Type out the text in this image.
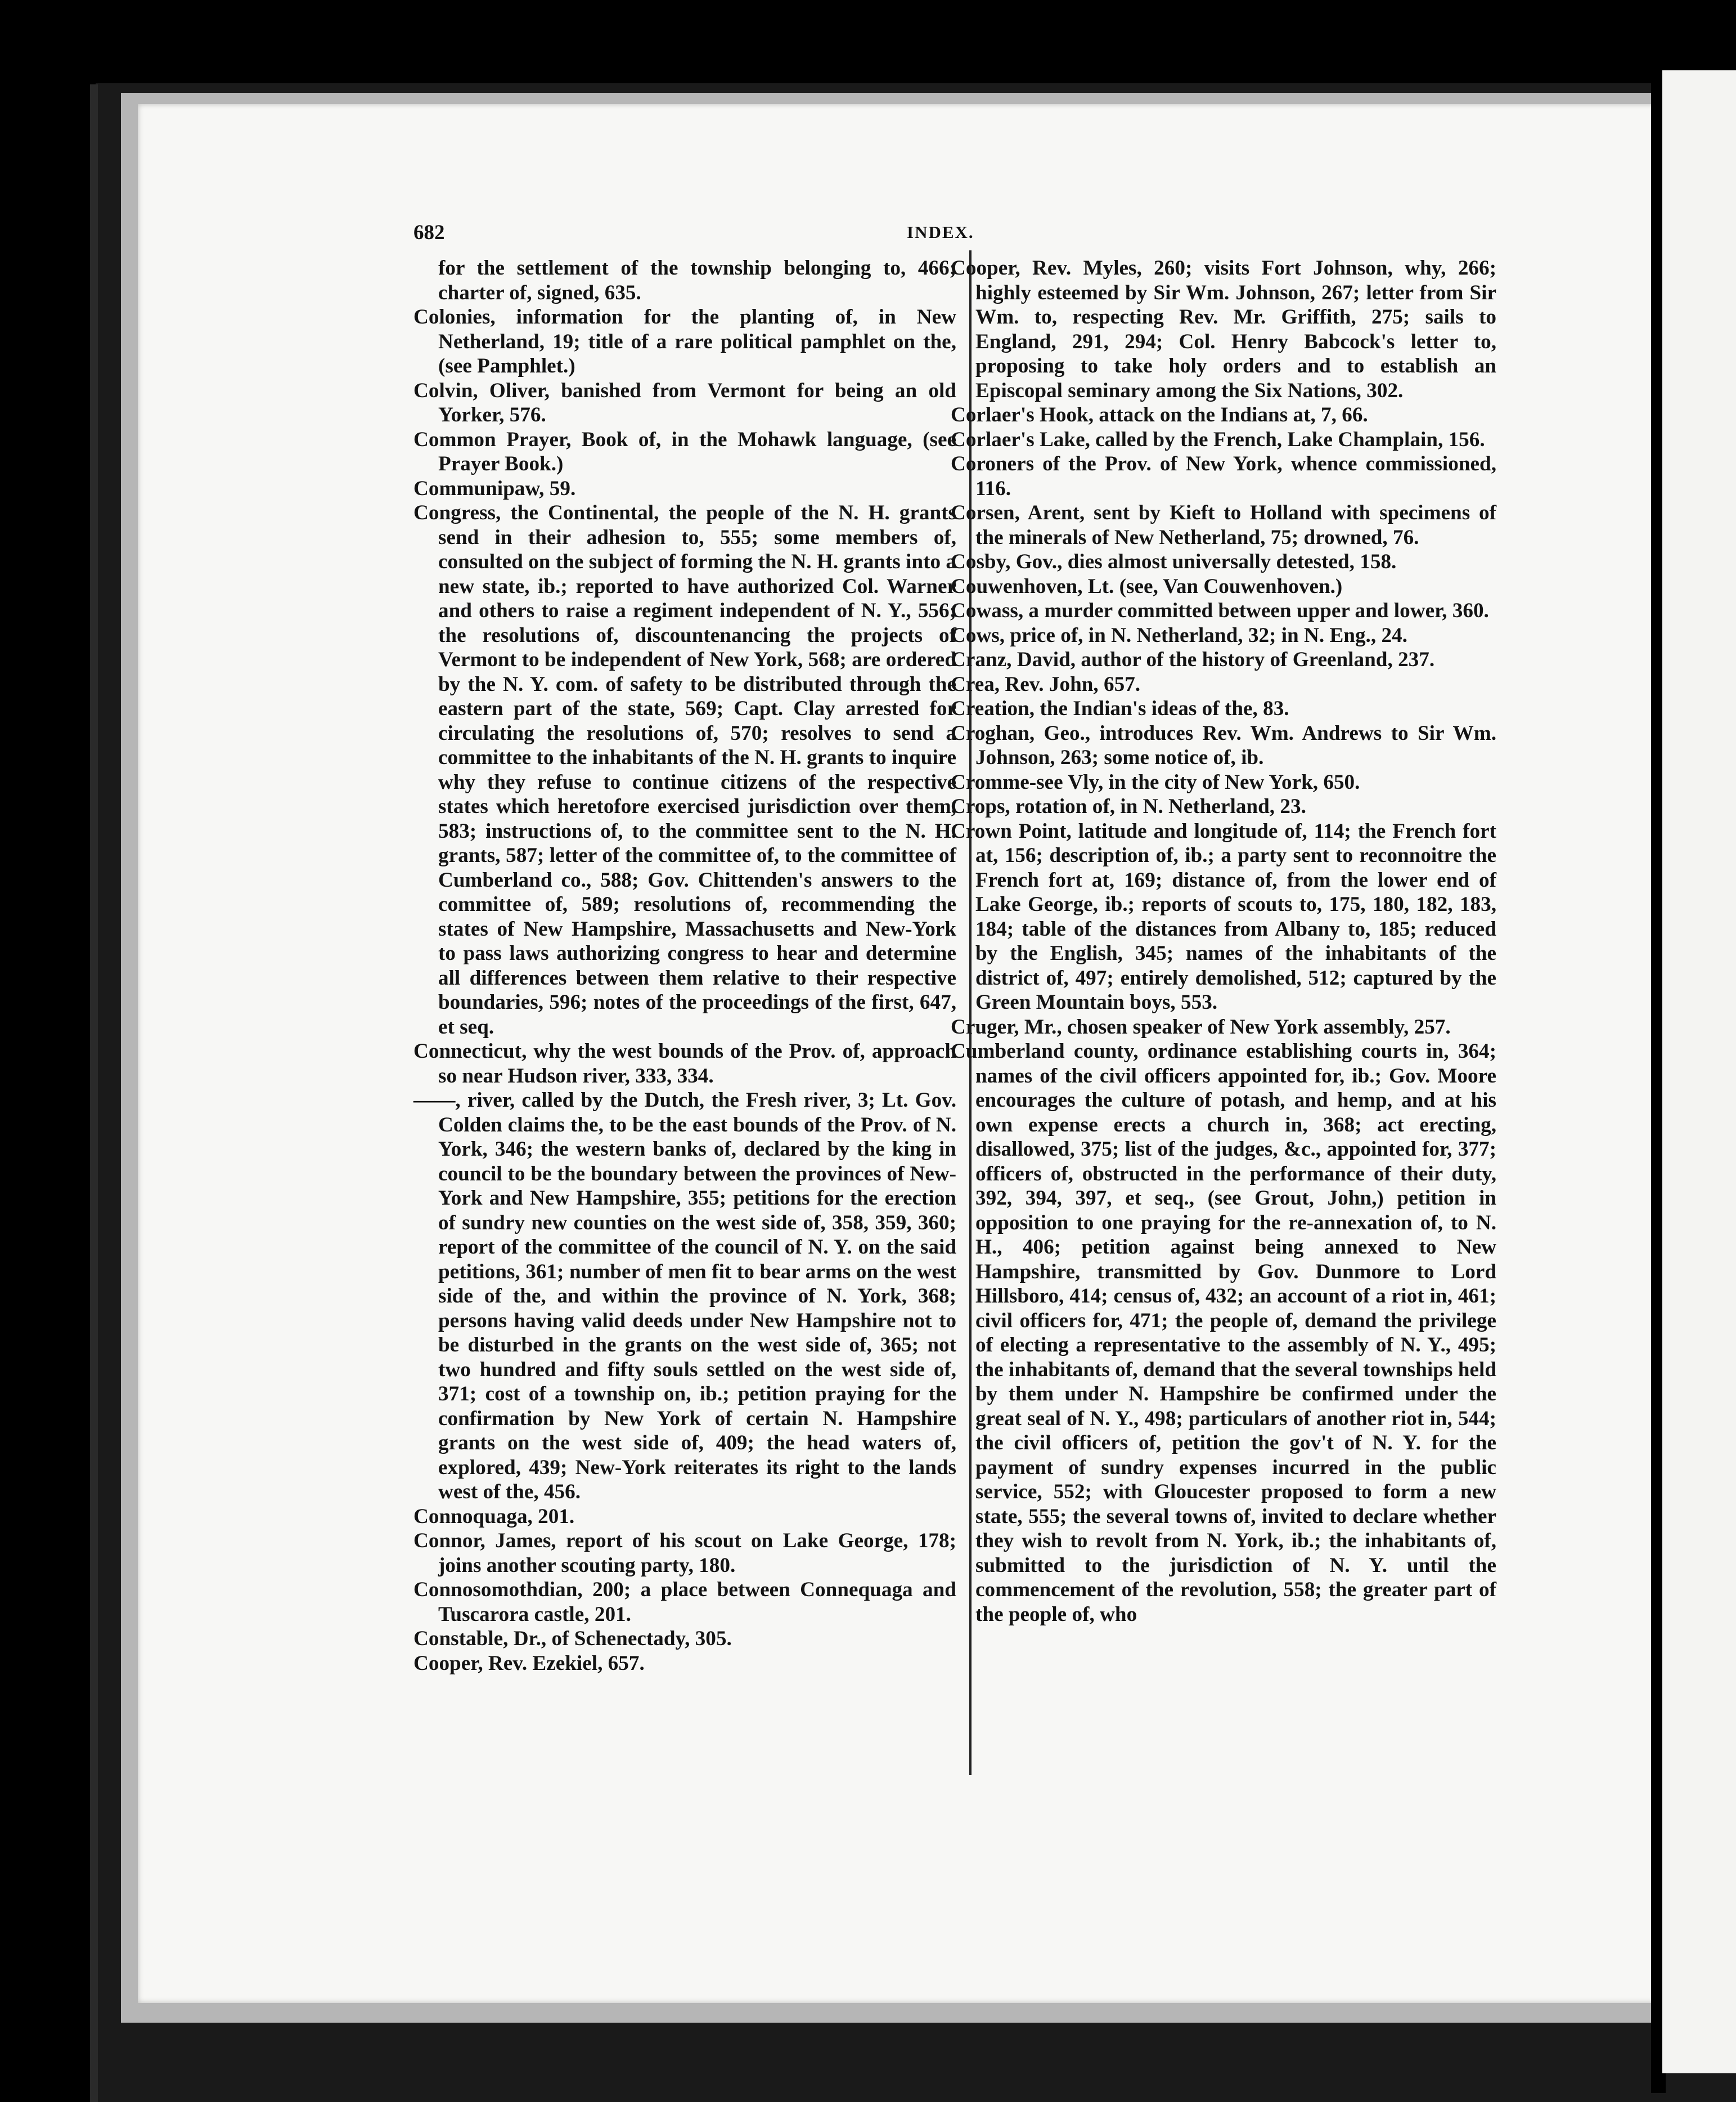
682	INDEX.

for the settlement of the township belonging to, 466; charter of, signed, 635.

Colonies, information for the planting of, in New Netherland, 19; title of a rare political pamphlet on the, (see Pamphlet.)

Colvin, Oliver, banished from Vermont for being an old Yorker, 576.

Common Prayer, Book of, in the Mohawk language, (see Prayer Book.)

Communipaw, 59.

Congress, the Continental, the people of the N. H. grants send in their adhesion to, 555; some members of, consulted on the subject of forming the N. H. grants into a new state, ib.; reported to have authorized Col. Warner and others to raise a regiment independent of N. Y., 556; the resolutions of, discountenancing the projects of Vermont to be independent of New York, 568; are ordered by the N. Y. com. of safety to be distributed through the eastern part of the state, 569; Capt. Clay arrested for circulating the resolutions of, 570; resolves to send a committee to the inhabitants of the N. H. grants to inquire why they refuse to continue citizens of the respective states which heretofore exercised jurisdiction over them, 583; instructions of, to the committee sent to the N. H. grants, 587; letter of the committee of, to the committee of Cumberland co., 588; Gov. Chittenden's answers to the committee of, 589; resolutions of, recommending the states of New Hampshire, Massachusetts and New-York to pass laws authorizing congress to hear and determine all differences between them relative to their respective boundaries, 596; notes of the proceedings of the first, 647, et seq.

Connecticut, why the west bounds of the Prov. of, approach so near Hudson river, 333, 334.

——, river, called by the Dutch, the Fresh river, 3; Lt. Gov. Colden claims the, to be the east bounds of the Prov. of N. York, 346; the western banks of, declared by the king in council to be the boundary between the provinces of New-York and New Hampshire, 355; petitions for the erection of sundry new counties on the west side of, 358, 359, 360; report of the committee of the council of N. Y. on the said petitions, 361; number of men fit to bear arms on the west side of the, and within the province of N. York, 368; persons having valid deeds under New Hampshire not to be disturbed in the grants on the west side of, 365; not two hundred and fifty souls settled on the west side of, 371; cost of a township on, ib.; petition praying for the confirmation by New York of certain N. Hampshire grants on the west side of, 409; the head waters of, explored, 439; New-York reiterates its right to the lands west of the, 456.

Connoquaga, 201.

Connor, James, report of his scout on Lake George, 178; joins another scouting party, 180.

Connosomothdian, 200; a place between Connequaga and Tuscarora castle, 201.

Constable, Dr., of Schenectady, 305.

Cooper, Rev. Ezekiel, 657.

Cooper, Rev. Myles, 260; visits Fort Johnson, why, 266; highly esteemed by Sir Wm. Johnson, 267; letter from Sir Wm. to, respecting Rev. Mr. Griffith, 275; sails to England, 291, 294; Col. Henry Babcock's letter to, proposing to take holy orders and to establish an Episcopal seminary among the Six Nations, 302.

Corlaer's Hook, attack on the Indians at, 7, 66.

Corlaer's Lake, called by the French, Lake Champlain, 156.

Coroners of the Prov. of New York, whence commissioned, 116.

Corsen, Arent, sent by Kieft to Holland with specimens of the minerals of New Netherland, 75; drowned, 76.

Cosby, Gov., dies almost universally detested, 158.

Couwenhoven, Lt. (see, Van Couwenhoven.)

Cowass, a murder committed between upper and lower, 360.

Cows, price of, in N. Netherland, 32; in N. Eng., 24.

Cranz, David, author of the history of Greenland, 237.

Crea, Rev. John, 657.

Creation, the Indian's ideas of the, 83.

Croghan, Geo., introduces Rev. Wm. Andrews to Sir Wm. Johnson, 263; some notice of, ib.

Cromme-see Vly, in the city of New York, 650.

Crops, rotation of, in N. Netherland, 23.

Crown Point, latitude and longitude of, 114; the French fort at, 156; description of, ib.; a party sent to reconnoitre the French fort at, 169; distance of, from the lower end of Lake George, ib.; reports of scouts to, 175, 180, 182, 183, 184; table of the distances from Albany to, 185; reduced by the English, 345; names of the inhabitants of the district of, 497; entirely demolished, 512; captured by the Green Mountain boys, 553.

Cruger, Mr., chosen speaker of New York assembly, 257.

Cumberland county, ordinance establishing courts in, 364; names of the civil officers appointed for, ib.; Gov. Moore encourages the culture of potash, and hemp, and at his own expense erects a church in, 368; act erecting, disallowed, 375; list of the judges, &c., appointed for, 377; officers of, obstructed in the performance of their duty, 392, 394, 397, et seq., (see Grout, John,) petition in opposition to one praying for the re-annexation of, to N. H., 406; petition against being annexed to New Hampshire, transmitted by Gov. Dunmore to Lord Hillsboro, 414; census of, 432; an account of a riot in, 461; civil officers for, 471; the people of, demand the privilege of electing a representative to the assembly of N. Y., 495; the inhabitants of, demand that the several townships held by them under N. Hampshire be confirmed under the great seal of N. Y., 498; particulars of another riot in, 544; the civil officers of, petition the gov't of N. Y. for the payment of sundry expenses incurred in the public service, 552; with Gloucester proposed to form a new state, 555; the several towns of, invited to declare whether they wish to revolt from N. York, ib.; the inhabitants of, submitted to the jurisdiction of N. Y. until the commencement of the revolution, 558; the greater part of the people of, who
